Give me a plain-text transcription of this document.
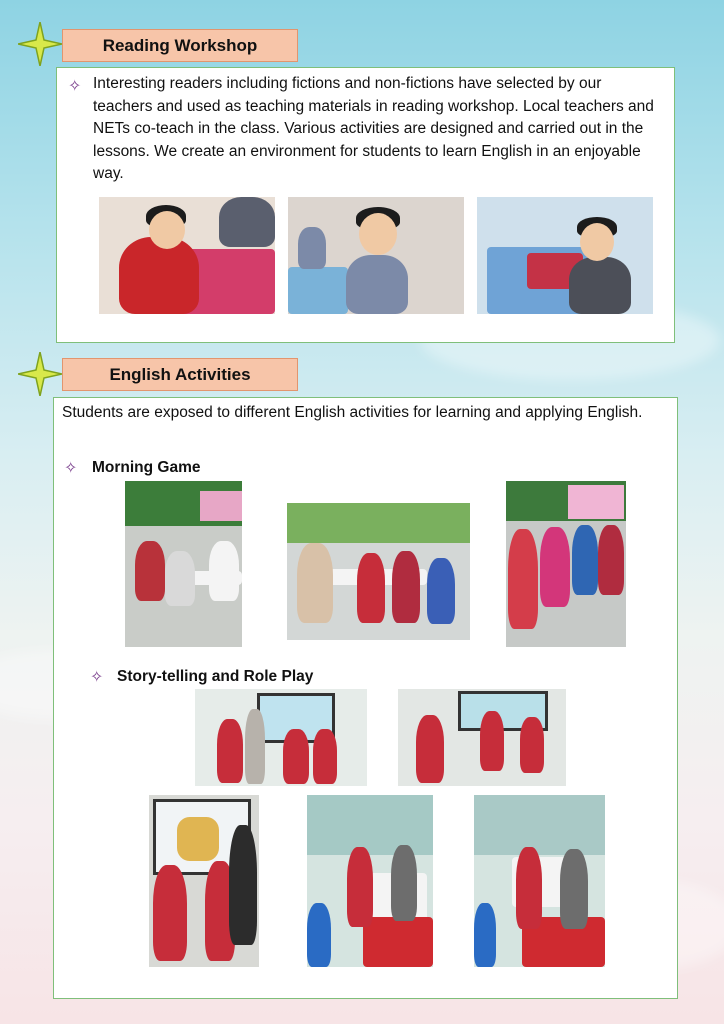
Reading Workshop
✧ Interesting readers including fictions and non-fictions have selected by our teachers and used as teaching materials in reading workshop. Local teachers and NETs co-teach in the class. Various activities are designed and carried out in the lessons. We create an environment for students to learn English in an enjoyable way.
English Activities
Students are exposed to different English activities for learning and applying English.
✧ Morning Game
✧ Story-telling and Role Play
